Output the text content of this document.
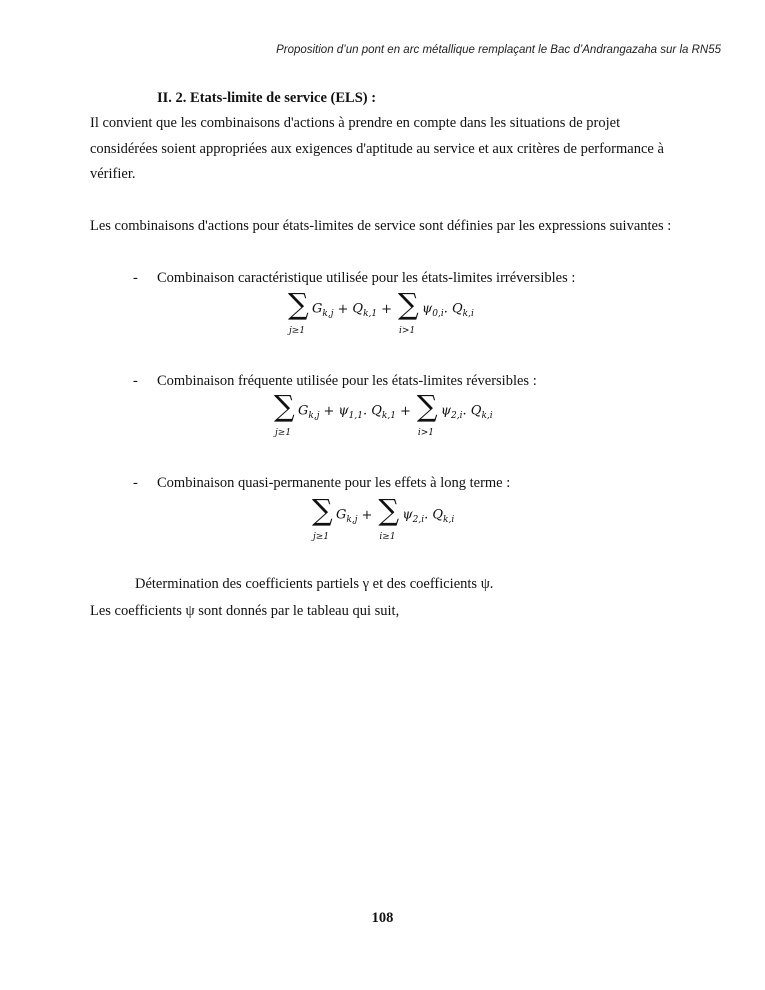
Proposition d’un pont en arc métallique remplaçant le Bac d’Andrangazaha sur la RN55
II. 2. Etats-limite de service (ELS) :
Il convient que les combinaisons d'actions à prendre en compte dans les situations de projet considérées soient appropriées aux exigences d'aptitude au service et aux critères de performance à vérifier.
Les combinaisons d'actions pour états-limites de service sont définies par les expressions suivantes :
- Combinaison caractéristique utilisée pour les états-limites irréversibles :
∑
j≥1
$G_{k,j} + Q_{k,1}$ + ∑
i>1
$\psi_{0,i}$. $Q_{k,i}$
- Combinaison fréquente utilisée pour les états-limites réversibles :
∑
j≥1
$G_{k,j} + \psi_{1,1}$. $Q_{k,1}$ + ∑
i>1
$\psi_{2,i}$. $Q_{k,i}$
- Combinaison quasi-permanente pour les effets à long terme :
∑
j≥1
$G_{k,j}$ + ∑
i≥1
$\psi_{2,i}$. $Q_{k,i}$
Détermination des coefficients partiels γ et des coefficients ψ.
Les coefficients ψ sont donnés par le tableau qui suit,
108
